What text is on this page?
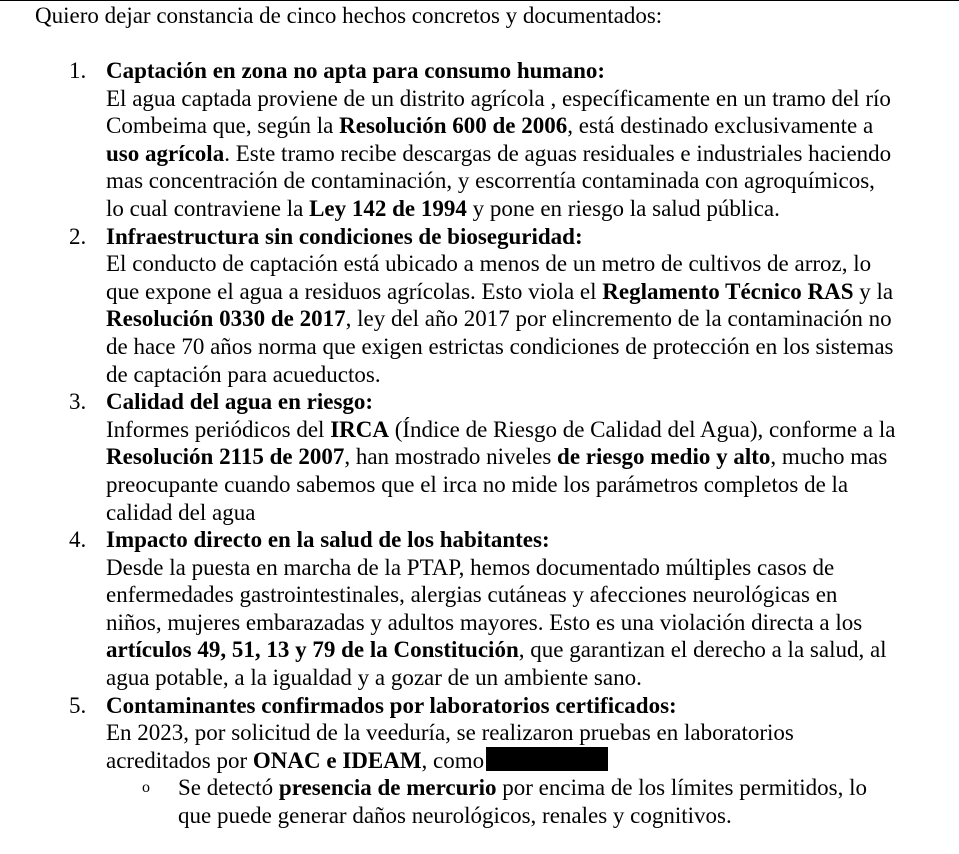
Quiero dejar constancia de cinco hechos concretos y documentados:
1. Captación en zona no apta para consumo humano:
El agua captada proviene de un distrito agrícola , específicamente en un tramo del río Combeima que, según la Resolución 600 de 2006, está destinado exclusivamente a uso agrícola. Este tramo recibe descargas de aguas residuales e industriales haciendo mas concentración de contaminación, y escorrentía contaminada con agroquímicos, lo cual contraviene la Ley 142 de 1994 y pone en riesgo la salud pública.
2. Infraestructura sin condiciones de bioseguridad:
El conducto de captación está ubicado a menos de un metro de cultivos de arroz, lo que expone el agua a residuos agrícolas. Esto viola el Reglamento Técnico RAS y la Resolución 0330 de 2017, ley del año 2017 por elincremento de la contaminación no de hace 70 años norma que exigen estrictas condiciones de protección en los sistemas de captación para acueductos.
3. Calidad del agua en riesgo:
Informes periódicos del IRCA (Índice de Riesgo de Calidad del Agua), conforme a la Resolución 2115 de 2007, han mostrado niveles de riesgo medio y alto, mucho mas preocupante cuando sabemos que el irca no mide los parámetros completos de la calidad del agua
4. Impacto directo en la salud de los habitantes:
Desde la puesta en marcha de la PTAP, hemos documentado múltiples casos de enfermedades gastrointestinales, alergias cutáneas y afecciones neurológicas en niños, mujeres embarazadas y adultos mayores. Esto es una violación directa a los artículos 49, 51, 13 y 79 de la Constitución, que garantizan el derecho a la salud, al agua potable, a la igualdad y a gozar de un ambiente sano.
5. Contaminantes confirmados por laboratorios certificados:
En 2023, por solicitud de la veeduría, se realizaron pruebas en laboratorios acreditados por ONAC e IDEAM, como
o Se detectó presencia de mercurio por encima de los límites permitidos, lo que puede generar daños neurológicos, renales y cognitivos.
